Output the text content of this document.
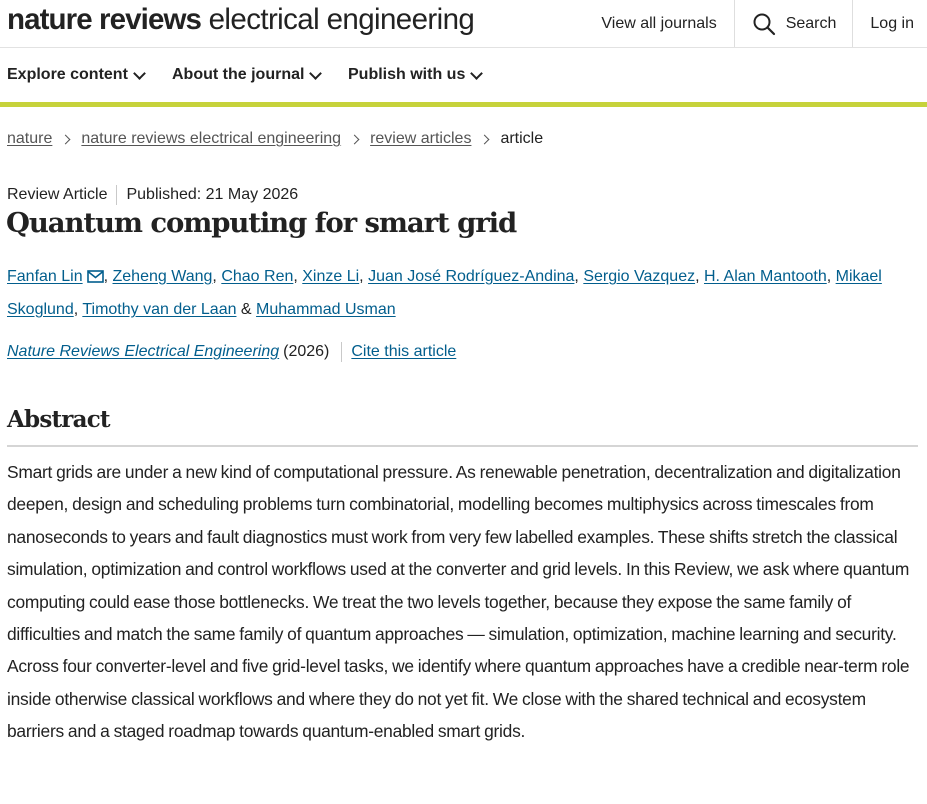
nature reviews electrical engineering	View all journals	Search	Log in
Explore content	About the journal	Publish with us
nature nature reviews electrical engineering review articles article
Review Article Published: 21 May 2026
Quantum computing for smart grid
Fanfan Lin , Zeheng Wang, Chao Ren, Xinze Li, Juan José Rodríguez-Andina, Sergio Vazquez, H. Alan Mantooth, Mikael Skoglund, Timothy van der Laan & Muhammad Usman
Nature Reviews Electrical Engineering (2026) Cite this article
Abstract

Smart grids are under a new kind of computational pressure. As renewable penetration, decentralization and digitalization deepen, design and scheduling problems turn combinatorial, modelling becomes multiphysics across timescales from nanoseconds to years and fault diagnostics must work from very few labelled examples. These shifts stretch the classical simulation, optimization and control workflows used at the converter and grid levels. In this Review, we ask where quantum computing could ease those bottlenecks. We treat the two levels together, because they expose the same family of difficulties and match the same family of quantum approaches — simulation, optimization, machine learning and security. Across four converter-level and five grid-level tasks, we identify where quantum approaches have a credible near-term role inside otherwise classical workflows and where they do not yet fit. We close with the shared technical and ecosystem barriers and a staged roadmap towards quantum-enabled smart grids.
